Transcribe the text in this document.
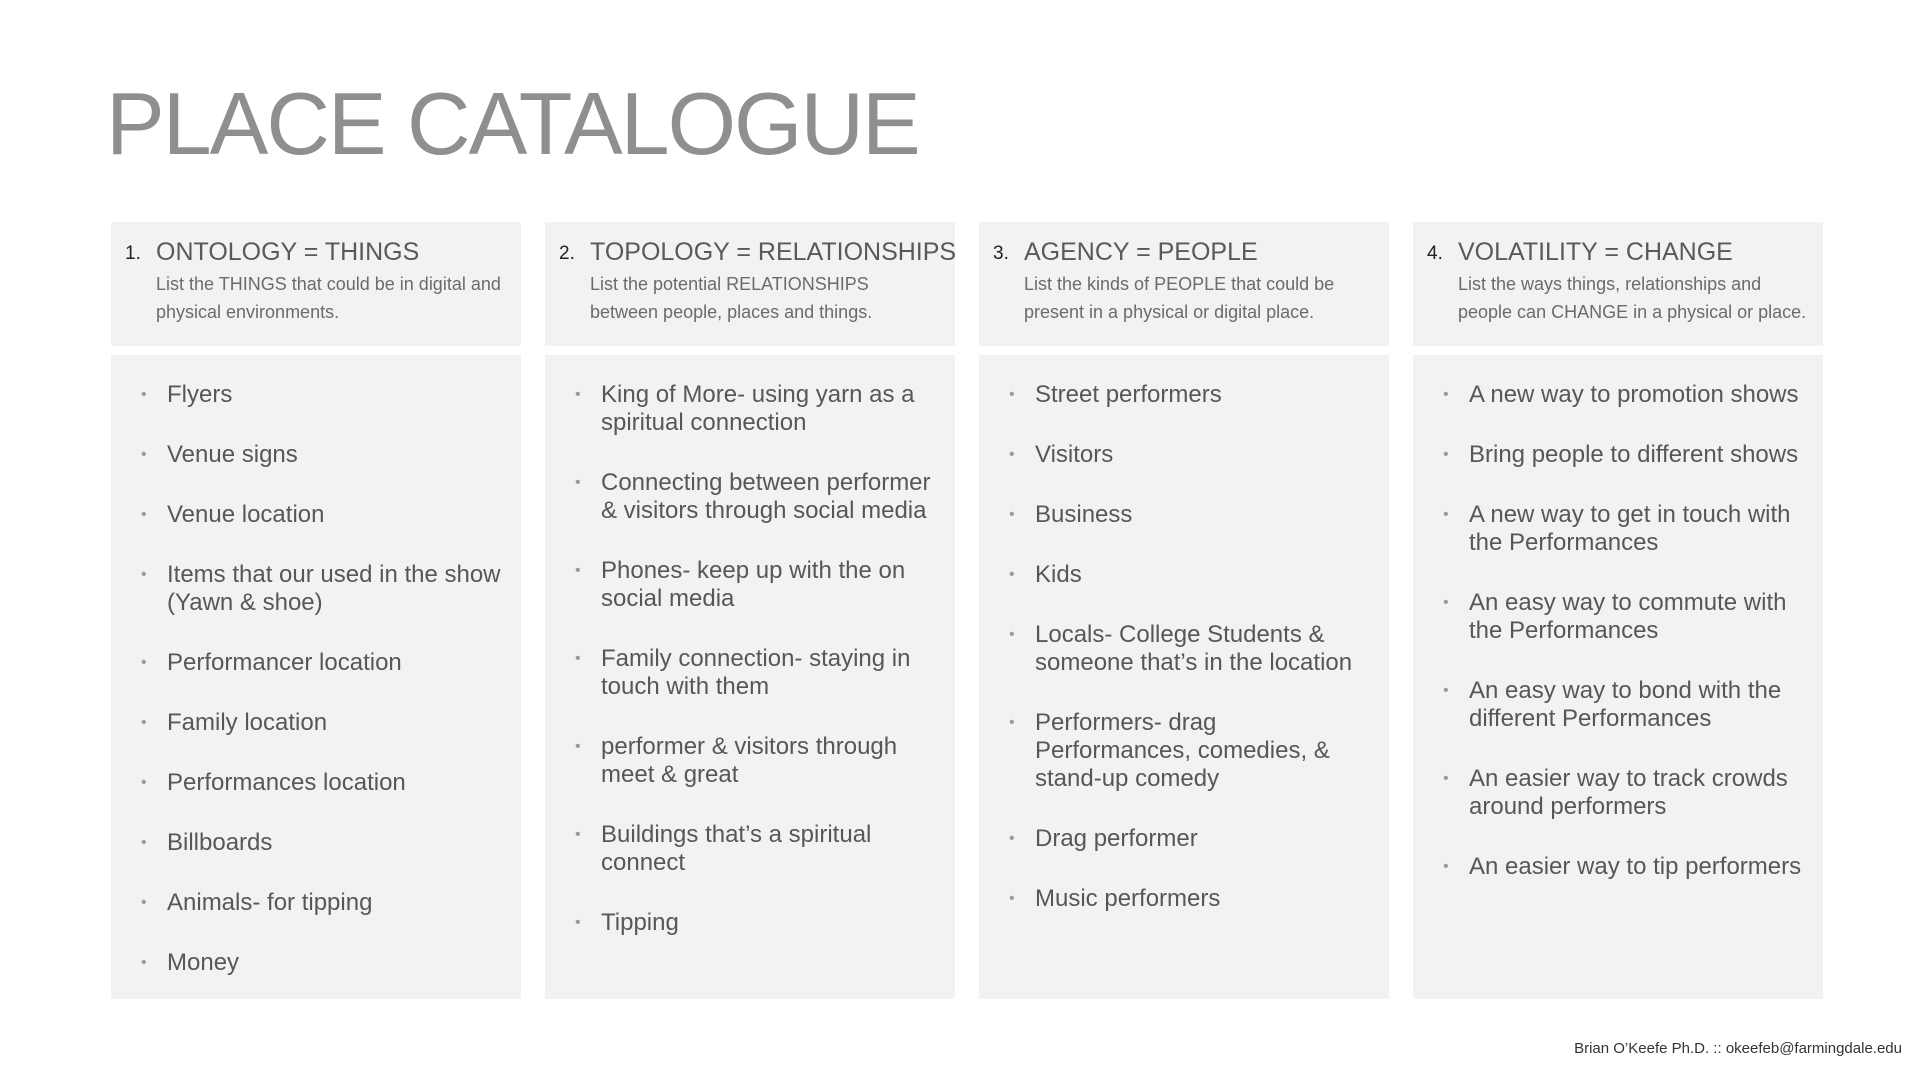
PLACE CATALOGUE
1. ONTOLOGY = THINGS
List the THINGS that could be in digital and physical environments.
• Flyers
• Venue signs
• Venue location
• Items that our used in the show (Yawn & shoe)
• Performancer location
• Family location
• Performances location
• Billboards
• Animals- for tipping
• Money
2. TOPOLOGY = RELATIONSHIPS
List the potential RELATIONSHIPS between people, places and things.
• King of More- using yarn as a spiritual connection
• Connecting between performer & visitors through social media
• Phones- keep up with the on social media
• Family connection- staying in touch with them
• performer & visitors through meet & great
• Buildings that’s a spiritual connect
• Tipping
3. AGENCY = PEOPLE
List the kinds of PEOPLE that could be present in a physical or digital place.
• Street performers
• Visitors
• Business
• Kids
• Locals- College Students & someone that’s in the location
• Performers- drag Performances, comedies, & stand-up comedy
• Drag performer
• Music performers
4. VOLATILITY = CHANGE
List the ways things, relationships and people can CHANGE in a physical or place.
• A new way to promotion shows
• Bring people to different shows
• A new way to get in touch with the Performances
• An easy way to commute with the Performances
• An easy way to bond with the different Performances
• An easier way to track crowds around performers
• An easier way to tip performers
Brian O’Keefe Ph.D. :: okeefeb@farmingdale.edu
